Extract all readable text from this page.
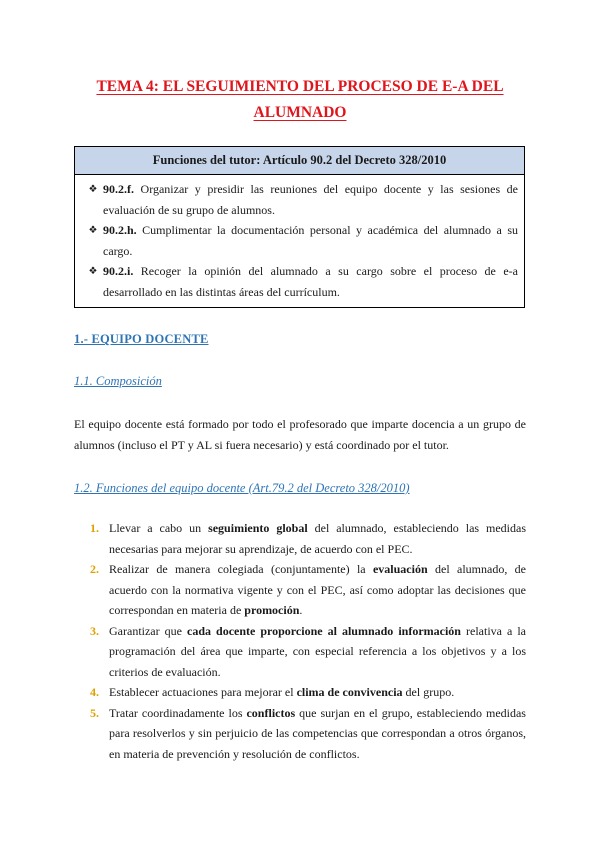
TEMA 4: EL SEGUIMIENTO DEL PROCESO DE E-A DEL
ALUMNADO
Funciones del tutor: Artículo 90.2 del Decreto 328/2010
❖ 90.2.f. Organizar y presidir las reuniones del equipo docente y las sesiones de evaluación de su grupo de alumnos.
❖ 90.2.h. Cumplimentar la documentación personal y académica del alumnado a su cargo.
❖ 90.2.i. Recoger la opinión del alumnado a su cargo sobre el proceso de e-a desarrollado en las distintas áreas del currículum.
1.- EQUIPO DOCENTE
1.1. Composición
El equipo docente está formado por todo el profesorado que imparte docencia a un grupo de alumnos (incluso el PT y AL si fuera necesario) y está coordinado por el tutor.
1.2. Funciones del equipo docente (Art.79.2 del Decreto 328/2010)
1. Llevar a cabo un seguimiento global del alumnado, estableciendo las medidas necesarias para mejorar su aprendizaje, de acuerdo con el PEC.
2. Realizar de manera colegiada (conjuntamente) la evaluación del alumnado, de acuerdo con la normativa vigente y con el PEC, así como adoptar las decisiones que correspondan en materia de promoción.
3. Garantizar que cada docente proporcione al alumnado información relativa a la programación del área que imparte, con especial referencia a los objetivos y a los criterios de evaluación.
4. Establecer actuaciones para mejorar el clima de convivencia del grupo.
5. Tratar coordinadamente los conflictos que surjan en el grupo, estableciendo medidas para resolverlos y sin perjuicio de las competencias que correspondan a otros órganos, en materia de prevención y resolución de conflictos.
